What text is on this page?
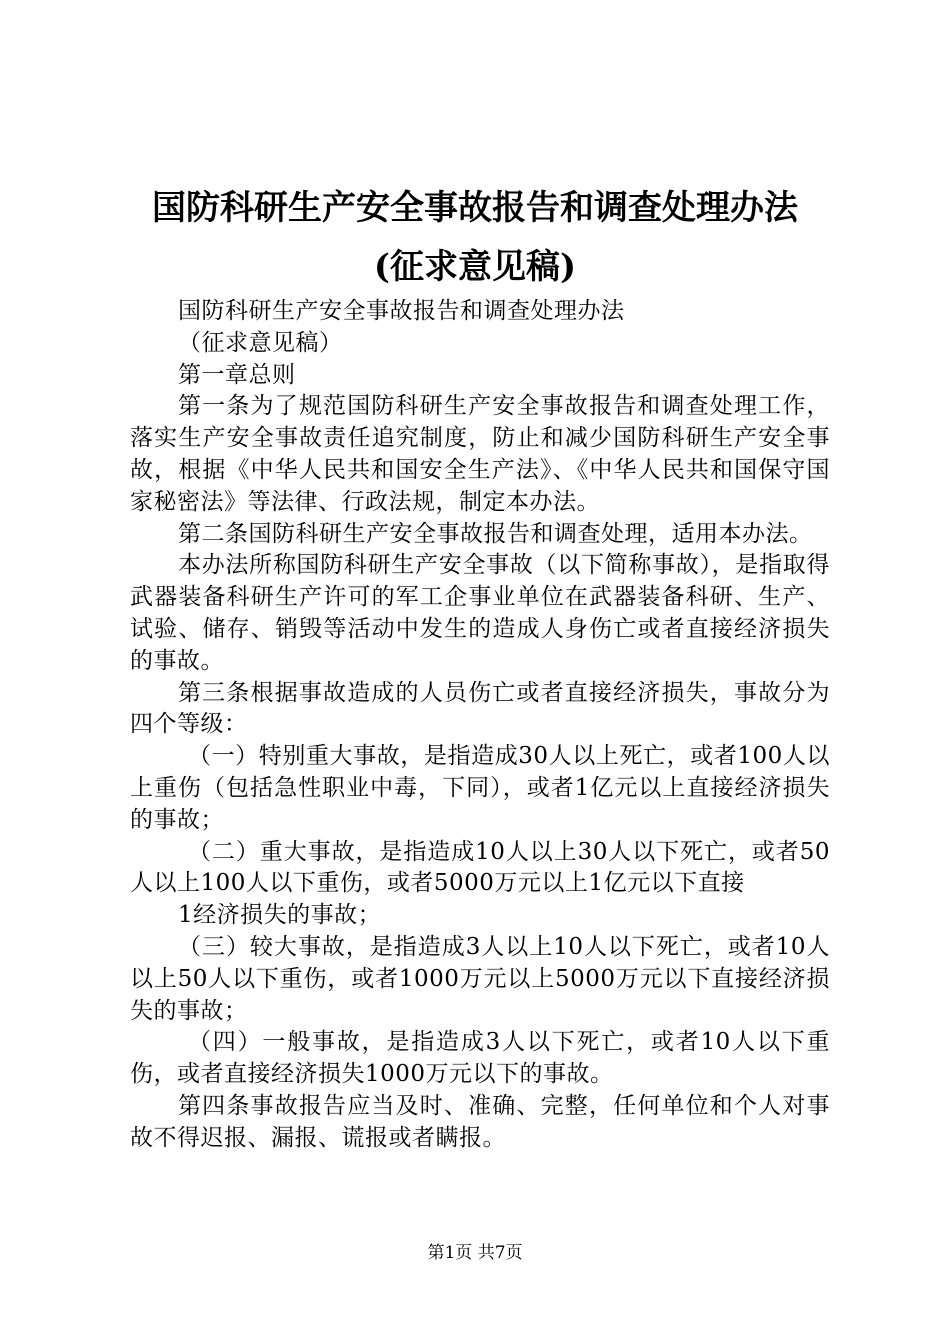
国防科研生产安全事故报告和调查处理办法
(征求意见稿)

国防科研生产安全事故报告和调查处理办法

（征求意见稿）

第一章总则

第一条为了规范国防科研生产安全事故报告和调查处理工作，落实生产安全事故责任追究制度，防止和减少国防科研生产安全事故，根据《中华人民共和国安全生产法》、《中华人民共和国保守国家秘密法》等法律、行政法规，制定本办法。

第二条国防科研生产安全事故报告和调查处理，适用本办法。

本办法所称国防科研生产安全事故（以下简称事故），是指取得武器装备科研生产许可的军工企事业单位在武器装备科研、生产、试验、储存、销毁等活动中发生的造成人身伤亡或者直接经济损失的事故。

第三条根据事故造成的人员伤亡或者直接经济损失，事故分为四个等级：

（一）特别重大事故，是指造成30人以上死亡，或者100人以上重伤（包括急性职业中毒，下同），或者1亿元以上直接经济损失的事故；

（二）重大事故，是指造成10人以上30人以下死亡，或者50人以上100人以下重伤，或者5000万元以上1亿元以下直接

1经济损失的事故；

（三）较大事故，是指造成3人以上10人以下死亡，或者10人以上50人以下重伤，或者1000万元以上5000万元以下直接经济损失的事故；

（四）一般事故，是指造成3人以下死亡，或者10人以下重伤，或者直接经济损失1000万元以下的事故。

第四条事故报告应当及时、准确、完整，任何单位和个人对事故不得迟报、漏报、谎报或者瞒报。

第1页 共7页
